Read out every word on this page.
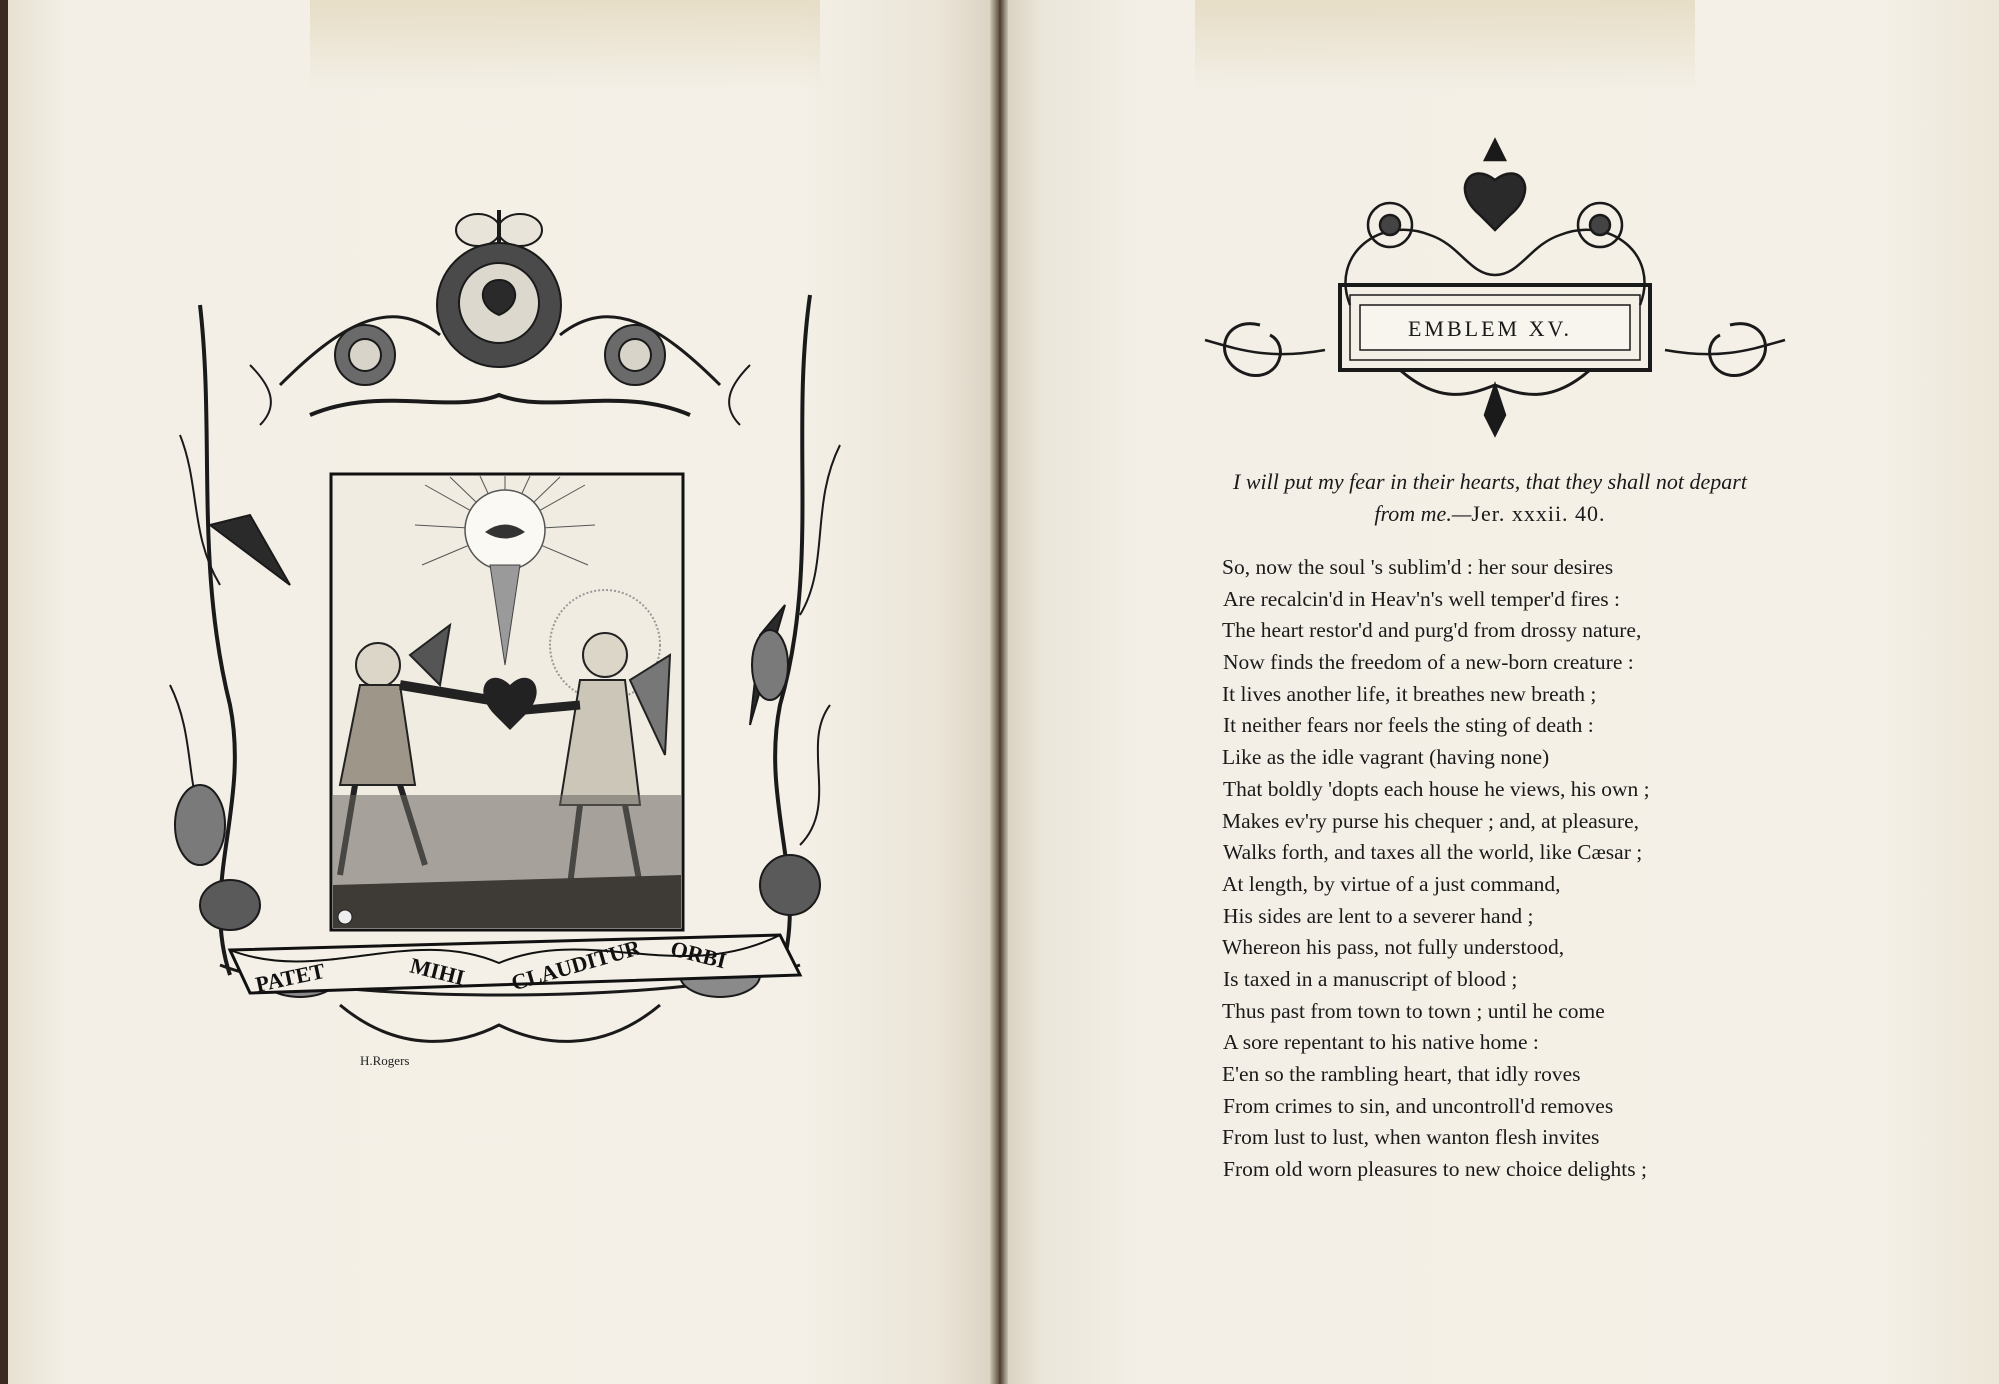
PATET	MIHI CLAUDITUR ORBI
H.Rogers
EMBLEM XV.
I will put my fear in their hearts, that they shall not depart
from me.—Jer. xxxii. 40.
So, now the soul 's sublim'd : her sour desires
Are recalcin'd in Heav'n's well temper'd fires :
The heart restor'd and purg'd from drossy nature,
Now finds the freedom of a new-born creature :
It lives another life, it breathes new breath ;
It neither fears nor feels the sting of death :
Like as the idle vagrant (having none)
That boldly 'dopts each house he views, his own ;
Makes ev'ry purse his chequer ; and, at pleasure,
Walks forth, and taxes all the world, like Cæsar ;
At length, by virtue of a just command,
His sides are lent to a severer hand ;
Whereon his pass, not fully understood,
Is taxed in a manuscript of blood ;
Thus past from town to town ; until he come
A sore repentant to his native home :
E'en so the rambling heart, that idly roves
From crimes to sin, and uncontroll'd removes
From lust to lust, when wanton flesh invites
From old worn pleasures to new choice delights ;
